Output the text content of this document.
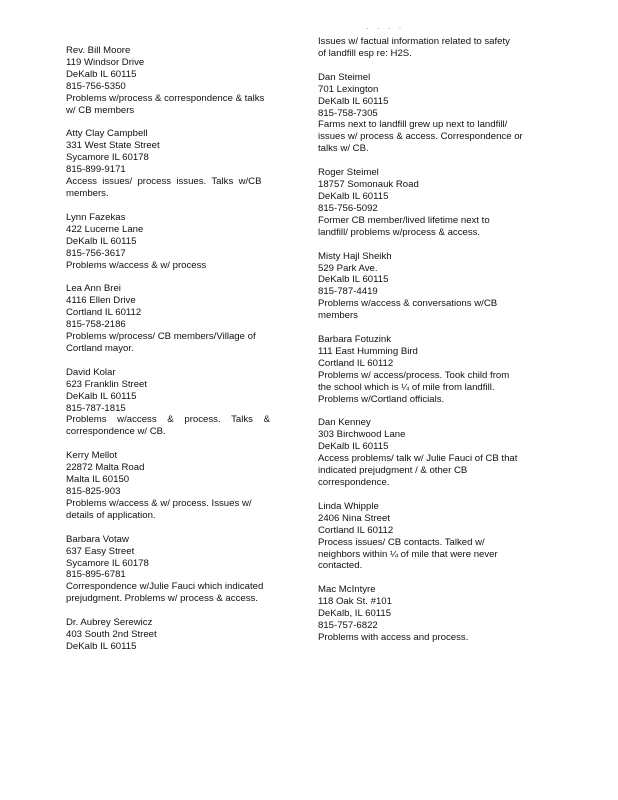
· · · ·
Rev. Bill Moore
119 Windsor Drive
DeKalb IL 60115
815-756-5350
Problems w/process & correspondence & talks
w/ CB members
Atty Clay Campbell
331 West State Street
Sycamore IL 60178
815-899-9171
Access  issues/  process  issues.  Talks  w/CB
members.
Lynn Fazekas
422 Lucerne Lane
DeKalb IL 60115
815-756-3617
Problems w/access & w/ process
Lea Ann Brei
4116 Ellen Drive
Cortland IL 60112
815-758-2186
Problems w/process/ CB members/Village of
Cortland mayor.
David Kolar
623 Franklin Street
DeKalb IL 60115
815-787-1815
Problems    w/access    &    process.    Talks    &
correspondence w/ CB.
Kerry Mellot
22872 Malta Road
Malta IL 60150
815-825-903
Problems w/access & w/ process. Issues w/
details of application.
Barbara Votaw
637 Easy Street
Sycamore IL 60178
815-895-6781
Correspondence w/Julie Fauci which indicated
prejudgment. Problems w/ process & access.
Dr. Aubrey Serewicz
403 South 2nd Street
DeKalb IL 60115
Issues w/ factual information related to safety
of landfill esp re: H2S.
Dan Steimel
701 Lexington
DeKalb IL 60115
815-758-7305
Farms next to landfill grew up next to landfill/
issues w/ process & access. Correspondence or
talks w/ CB.
Roger Steimel
18757 Somonauk Road
DeKalb IL 60115
815-756-5092
Former CB member/lived lifetime next to
landfill/ problems w/process & access.
Misty Hajl Sheikh
529 Park Ave.
DeKalb IL 60115
815-787-4419
Problems w/access & conversations w/CB
members
Barbara Fotuzink
111 East Humming Bird
Cortland IL 60112
Problems w/ access/process. Took child from
the school which is ¼ of mile from landfill.
Problems w/Cortland officials.
Dan Kenney
303 Birchwood Lane
DeKalb IL 60115
Access problems/ talk w/ Julie Fauci of CB that
indicated prejudgment / & other CB
correspondence.
Linda Whipple
2406 Nina Street
Cortland IL 60112
Process issues/ CB contacts. Talked w/
neighbors within ¼ of mile that were never
contacted.
Mac McIntyre
118 Oak St. #101
DeKalb, IL 60115
815-757-6822
Problems with access and process.
